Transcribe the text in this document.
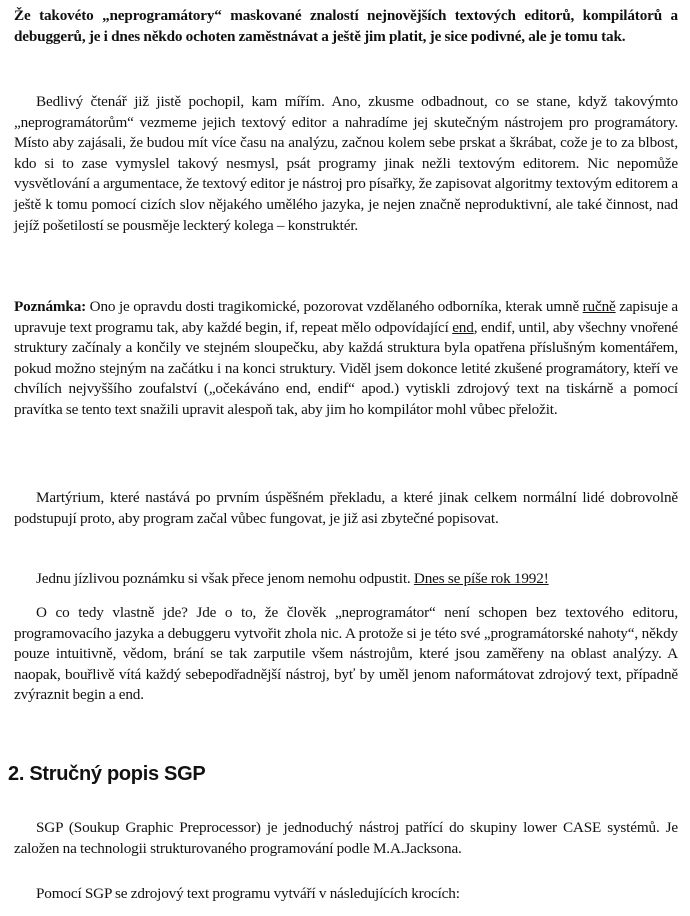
Že takovéto „neprogramátory“ maskované znalostí nejnovějších textových editorů, kompilátorů a debuggerů, je i dnes někdo ochoten zaměstnávat a ještě jim platit, je sice podivné, ale je tomu tak.

Bedlivý čtenář již jistě pochopil, kam mířím. Ano, zkusme odbadnout, co se stane, když takovýmto „neprogramátorům“ vezmeme jejich textový editor a nahradíme jej skutečným nástrojem pro programátory. Místo aby zajásali, že budou mít více času na analýzu, začnou kolem sebe prskat a škrábat, cože je to za blbost, kdo si to zase vymyslel takový nesmysl, psát programy jinak nežli textovým editorem. Nic nepomůže vysvětlování a argumentace, že textový editor je nástroj pro písařky, že zapisovat algoritmy textovým editorem a ještě k tomu pomocí cizích slov nějakého umělého jazyka, je nejen značně neproduktivní, ale také činnost, nad jejíž pošetilostí se pousměje leckterý kolega – konstruktér.

Poznámka: Ono je opravdu dosti tragikomické, pozorovat vzdělaného odborníka, kterak umně ručně zapisuje a upravuje text programu tak, aby každé begin, if, repeat mělo odpovídající end, endif, until, aby všechny vnořené struktury začínaly a končily ve stejném sloupečku, aby každá struktura byla opatřena příslušným komentářem, pokud možno stejným na začátku i na konci struktury. Viděl jsem dokonce letité zkušené programátory, kteří ve chvílích nejvyššího zoufalství („očekáváno end, endif“ apod.) vytiskli zdrojový text na tiskárně a pomocí pravítka se tento text snažili upravit alespoň tak, aby jim ho kompilátor mohl vůbec přeložit.

Martýrium, které nastává po prvním úspěšném překladu, a které jinak celkem normální lidé dobrovolně podstupují proto, aby program začal vůbec fungovat, je již asi zbytečné popisovat.

Jednu jízlivou poznámku si však přece jenom nemohu odpustit. Dnes se píše rok 1992!

O co tedy vlastně jde? Jde o to, že člověk „neprogramátor“ není schopen bez textového editoru, programovacího jazyka a debuggeru vytvořit zhola nic. A protože si je této své „programátorské nahoty“, někdy pouze intuitivně, vědom, brání se tak zarputile všem nástrojům, které jsou zaměřeny na oblast analýzy. A naopak, bouřlivě vítá každý sebepodřadnější nástroj, byť by uměl jenom naformátovat zdrojový text, případně zvýraznit begin a end.

2. Stručný popis SGP

SGP (Soukup Graphic Preprocessor) je jednoduchý nástroj patřící do skupiny lower CASE systémů. Je založen na technologii strukturovaného programování podle M.A.Jacksona.

Pomocí SGP se zdrojový text programu vytváří v následujících krocích:
